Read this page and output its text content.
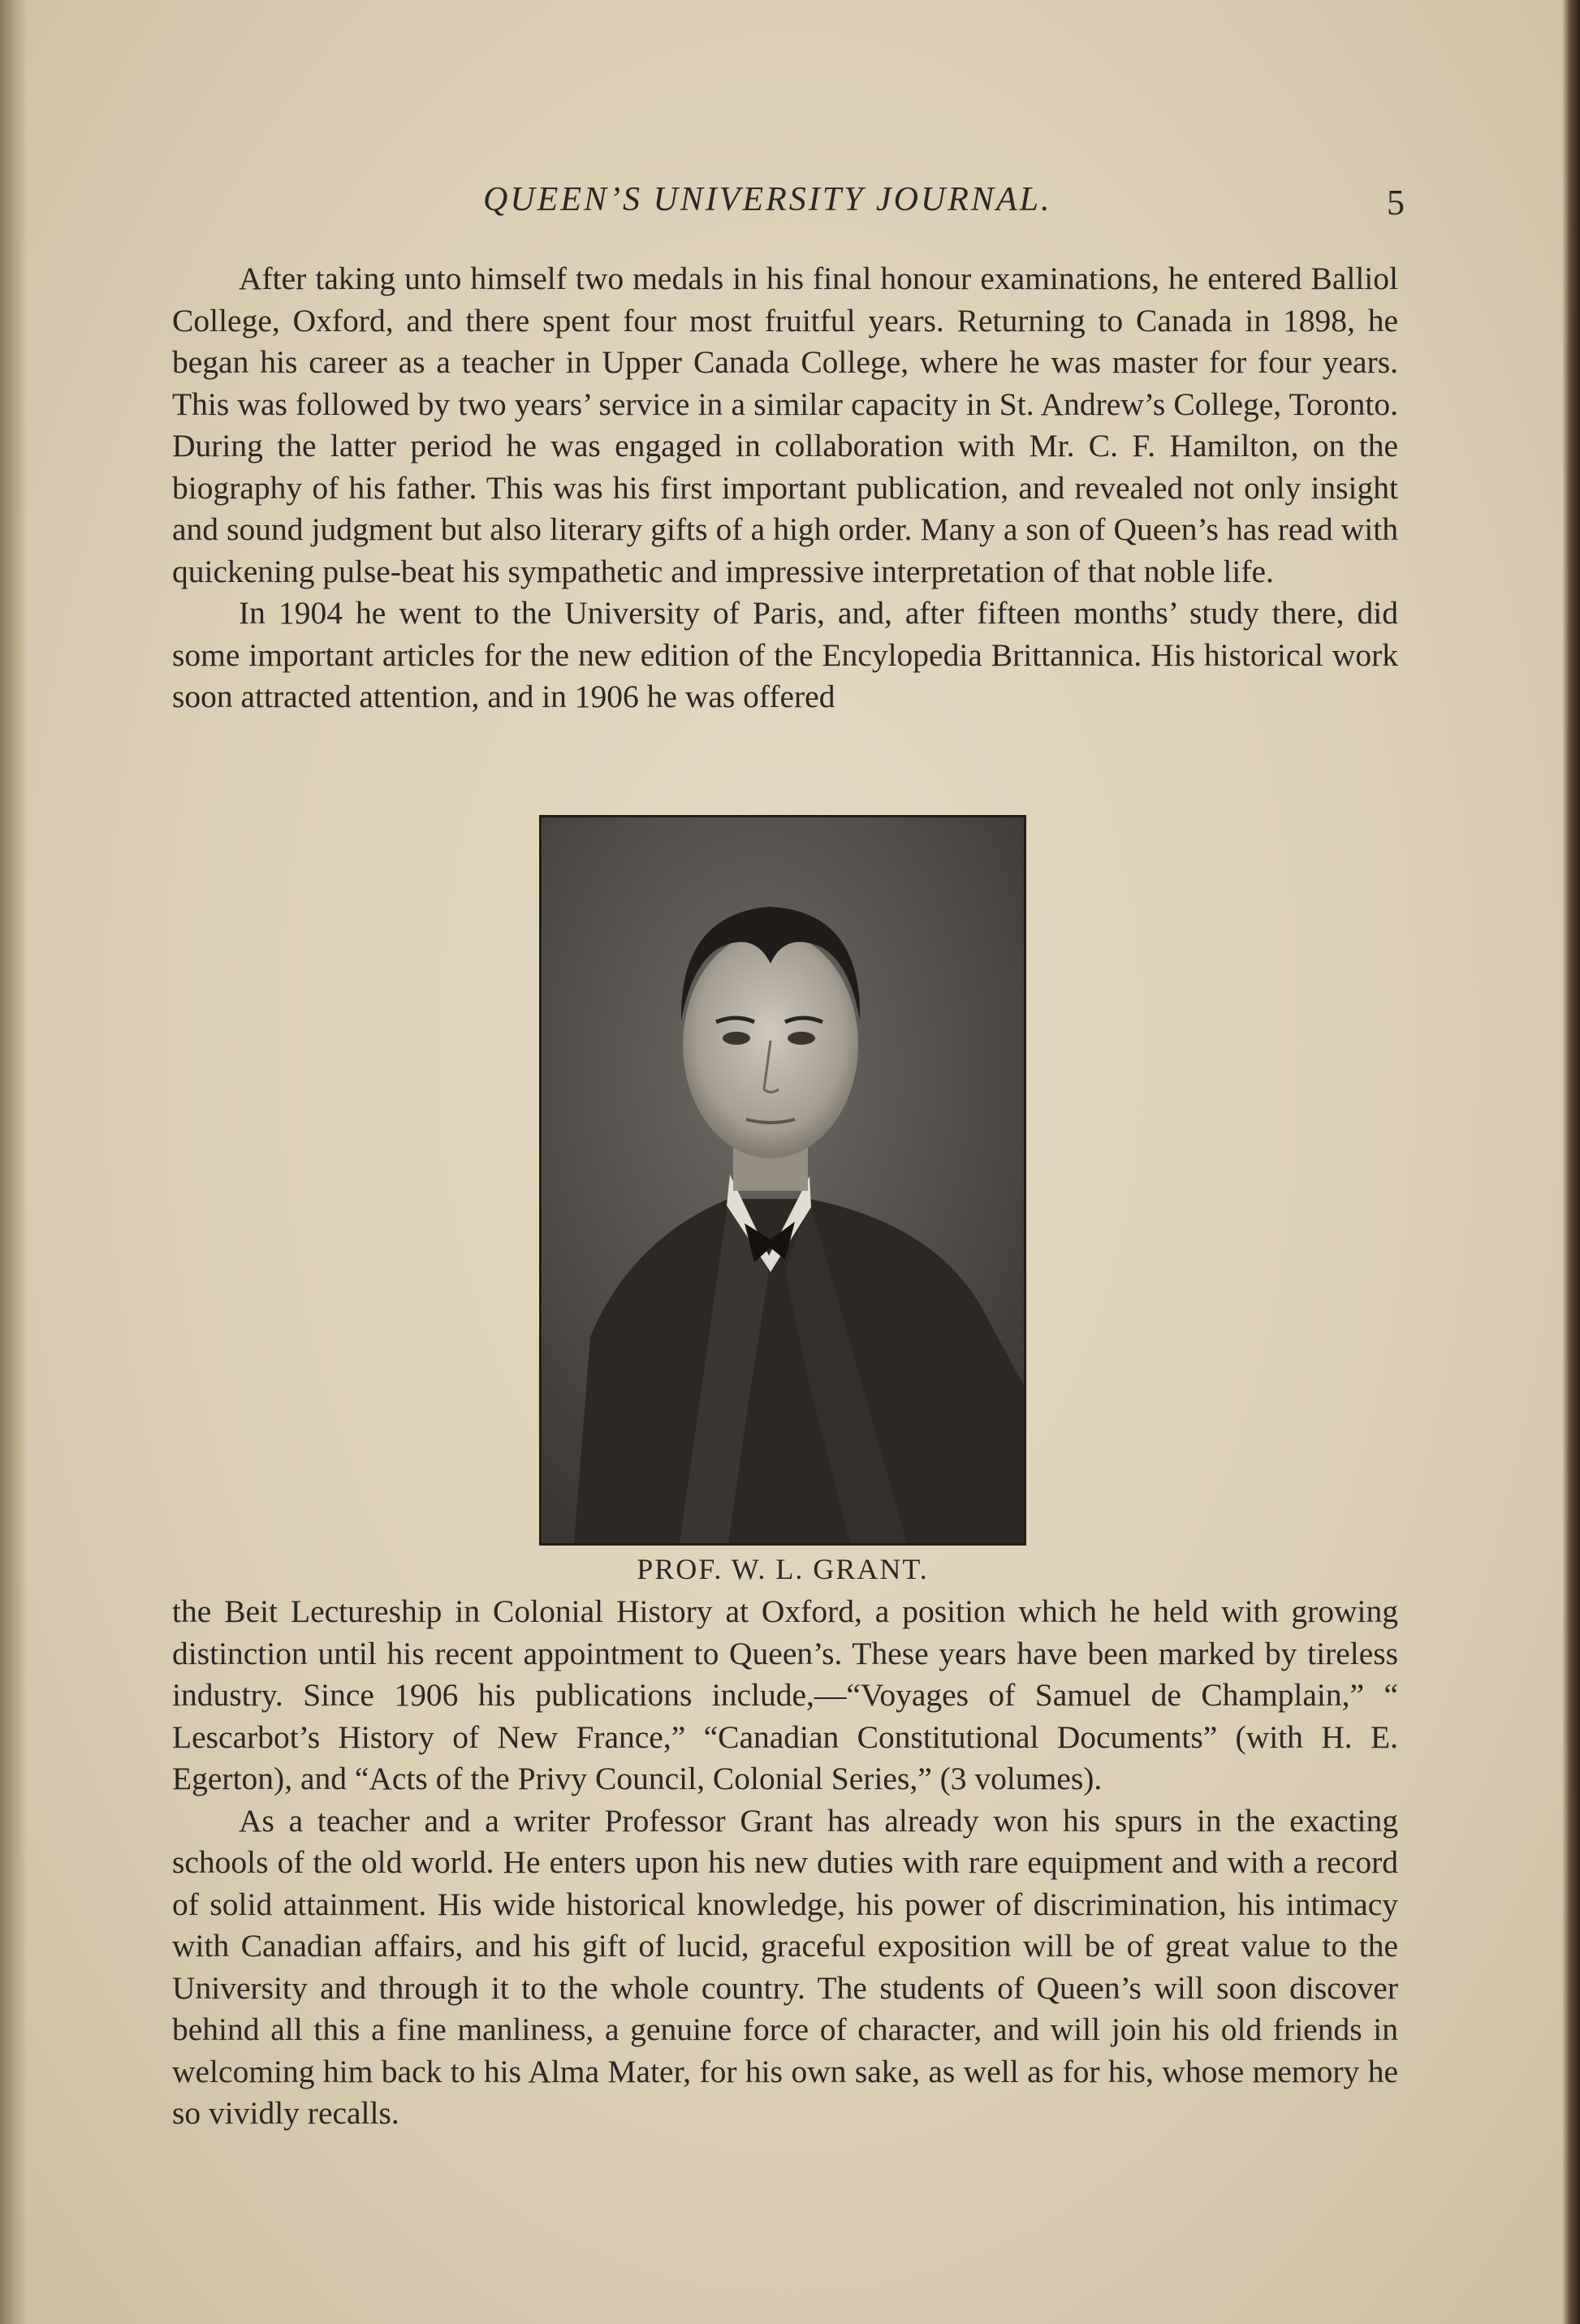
QUEEN’S UNIVERSITY JOURNAL.	5

After taking unto himself two medals in his final honour examinations, he entered Balliol College, Oxford, and there spent four most fruitful years. Returning to Canada in 1898, he began his career as a teacher in Upper Canada College, where he was master for four years. This was followed by two years’ service in a similar capacity in St. Andrew’s College, Toronto. During the latter period he was engaged in collaboration with Mr. C. F. Hamilton, on the biography of his father. This was his first important publication, and revealed not only insight and sound judgment but also literary gifts of a high order. Many a son of Queen’s has read with quickening pulse-beat his sympathetic and impressive interpretation of that noble life.

In 1904 he went to the University of Paris, and, after fifteen months’ study there, did some important articles for the new edition of the Encylopedia Brittannica. His historical work soon attracted attention, and in 1906 he was offered

PROF. W. L. GRANT.

the Beit Lectureship in Colonial History at Oxford, a position which he held with growing distinction until his recent appointment to Queen’s. These years have been marked by tireless industry. Since 1906 his publications include,—“Voyages of Samuel de Champlain,” “ Lescarbot’s History of New France,” “Canadian Constitutional Documents” (with H. E. Egerton), and “Acts of the Privy Council, Colonial Series,” (3 volumes).

As a teacher and a writer Professor Grant has already won his spurs in the exacting schools of the old world. He enters upon his new duties with rare equipment and with a record of solid attainment. His wide historical knowledge, his power of discrimination, his intimacy with Canadian affairs, and his gift of lucid, graceful exposition will be of great value to the University and through it to the whole country. The students of Queen’s will soon discover behind all this a fine manliness, a genuine force of character, and will join his old friends in welcoming him back to his Alma Mater, for his own sake, as well as for his, whose memory he so vividly recalls.
